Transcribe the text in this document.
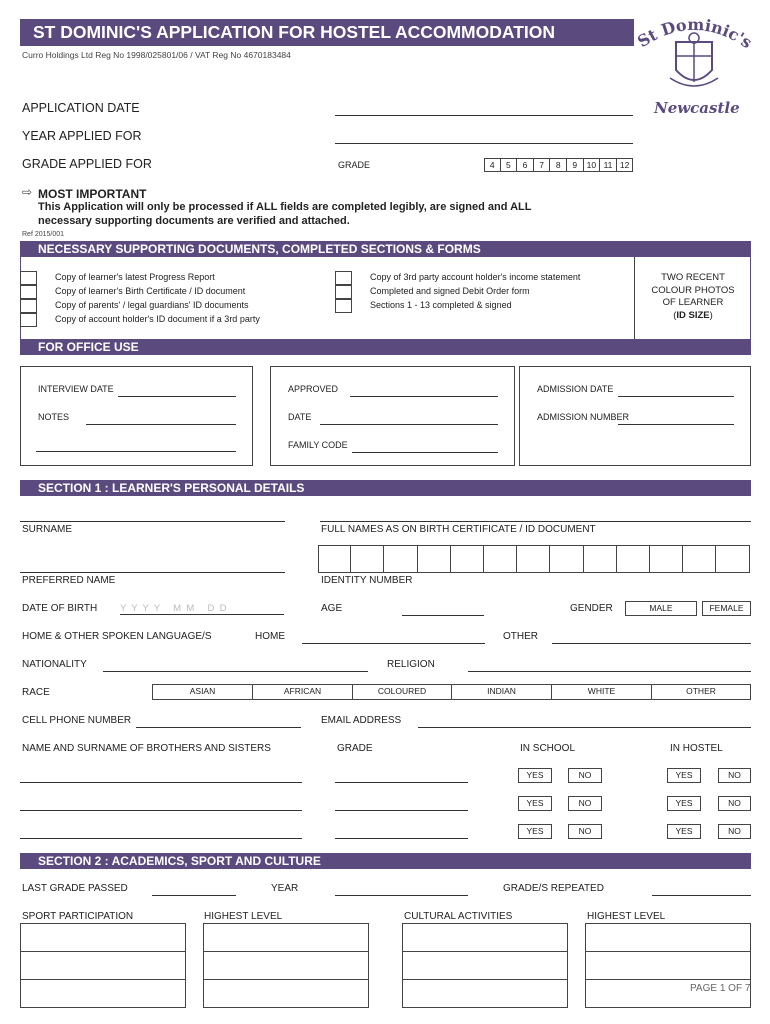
ST DOMINIC'S APPLICATION FOR HOSTEL ACCOMMODATION
Curro Holdings Ltd Reg No 1998/025801/06 / VAT Reg No 4670183484
St Dominic'
Newcastle
APPLICATION DATE
YEAR APPLIED FOR
GRADE APPLIED FOR	GRADE	4	5	6	7	8	9	10 11 12
⇨ MOST IMPORTANT
This Application will only be processed if ALL fields are completed legibly, are signed and ALL
necessary supporting documents are verified and attached.
Ref 2015/001
NECESSARY SUPPORTING DOCUMENTS, COMPLETED SECTIONS & FORMS
Copy of learner's latest Progress Report
Copy of learner's Birth Certificate / ID document
Copy of parents' / legal guardians' ID documents
Copy of account holder's ID document if a 3rd party
Copy of 3rd party account holder's income statement
Completed and signed Debit Order form
Sections 1 - 13 completed & signed
TWO RECENT
COLOUR PHOTOS
OF LEARNER
(ID SIZE)
FOR OFFICE USE
INTERVIEW DATE
NOTES
APPROVED
DATE
FAMILY CODE
ADMISSION DATE
ADMISSION NUMBER
SECTION 1 : LEARNER'S PERSONAL DETAILS
SURNAME	FULL NAMES AS ON BIRTH CERTIFICATE / ID DOCUMENT
PREFERRED NAME	IDENTITY NUMBER
DATE OF BIRTH Y  Y  Y  Y     M  M     D  D	AGE	GENDER	MALE	FEMALE
HOME & OTHER SPOKEN LANGUAGE/S	HOME	OTHER
NATIONALITY	RELIGION
RACE	ASIAN	AFRICAN	COLOURED	INDIAN	WHITE	OTHER
CELL PHONE NUMBER	EMAIL ADDRESS
NAME AND SURNAME OF BROTHERS AND SISTERS	GRADE	IN SCHOOL	IN HOSTEL
YES	NO	YES	NO
YES	NO	YES	NO
YES	NO	YES	NO
SECTION 2 : ACADEMICS, SPORT AND CULTURE
LAST GRADE PASSED	YEAR	GRADE/S REPEATED
SPORT PARTICIPATION	HIGHEST LEVEL	CULTURAL ACTIVITIES	HIGHEST LEVEL
PAGE 1 OF 7
